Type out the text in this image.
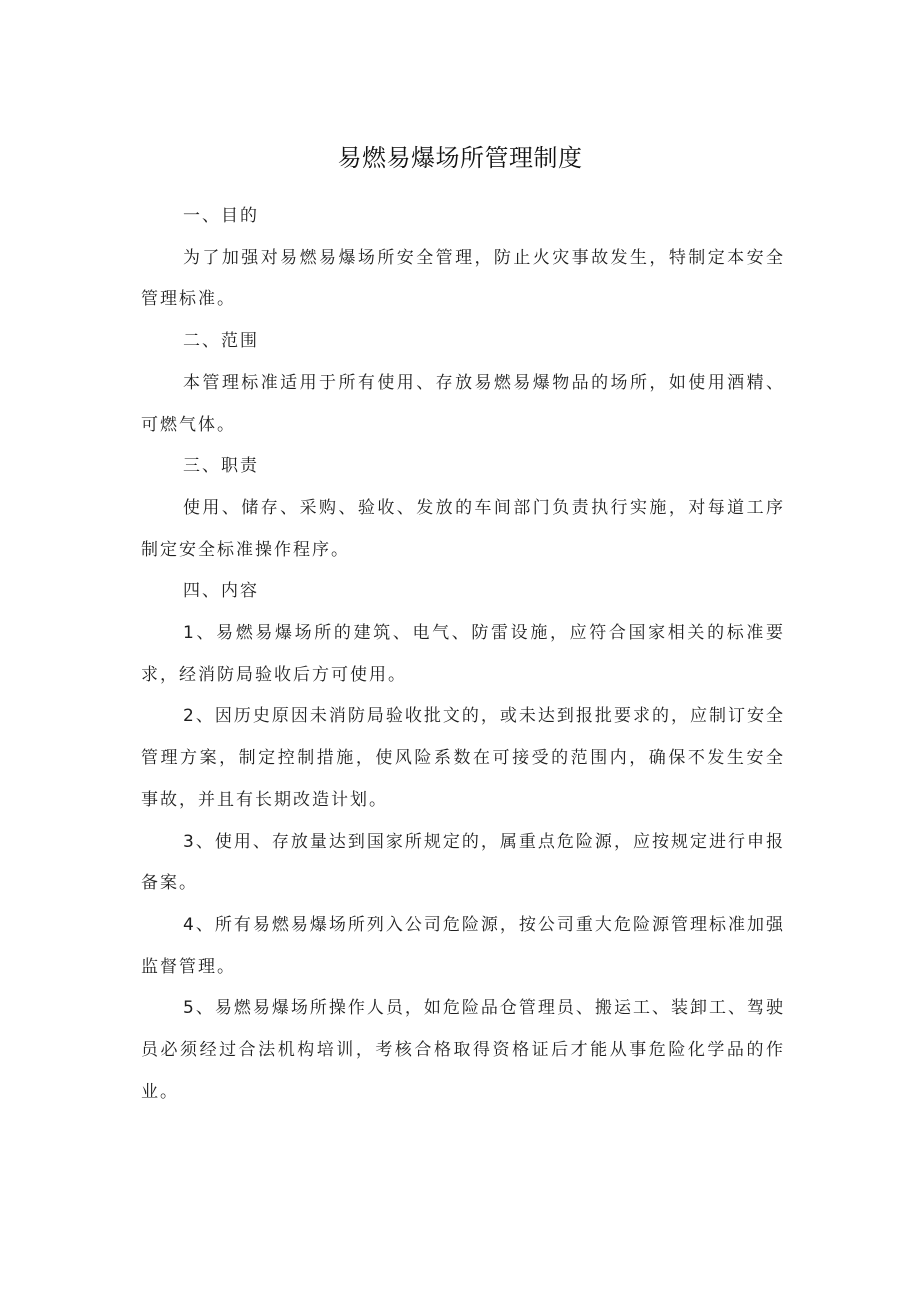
易燃易爆场所管理制度

一、目的

为了加强对易燃易爆场所安全管理，防止火灾事故发生，特制定本安全管理标准。

二、范围

本管理标准适用于所有使用、存放易燃易爆物品的场所，如使用酒精、可燃气体。

三、职责

使用、储存、采购、验收、发放的车间部门负责执行实施，对每道工序制定安全标准操作程序。

四、内容

1、易燃易爆场所的建筑、电气、防雷设施，应符合国家相关的标准要求，经消防局验收后方可使用。

2、因历史原因未消防局验收批文的，或未达到报批要求的，应制订安全管理方案，制定控制措施，使风险系数在可接受的范围内，确保不发生安全事故，并且有长期改造计划。

3、使用、存放量达到国家所规定的，属重点危险源，应按规定进行申报备案。

4、所有易燃易爆场所列入公司危险源，按公司重大危险源管理标准加强监督管理。

5、易燃易爆场所操作人员，如危险品仓管理员、搬运工、装卸工、驾驶员必须经过合法机构培训，考核合格取得资格证后才能从事危险化学品的作业。
